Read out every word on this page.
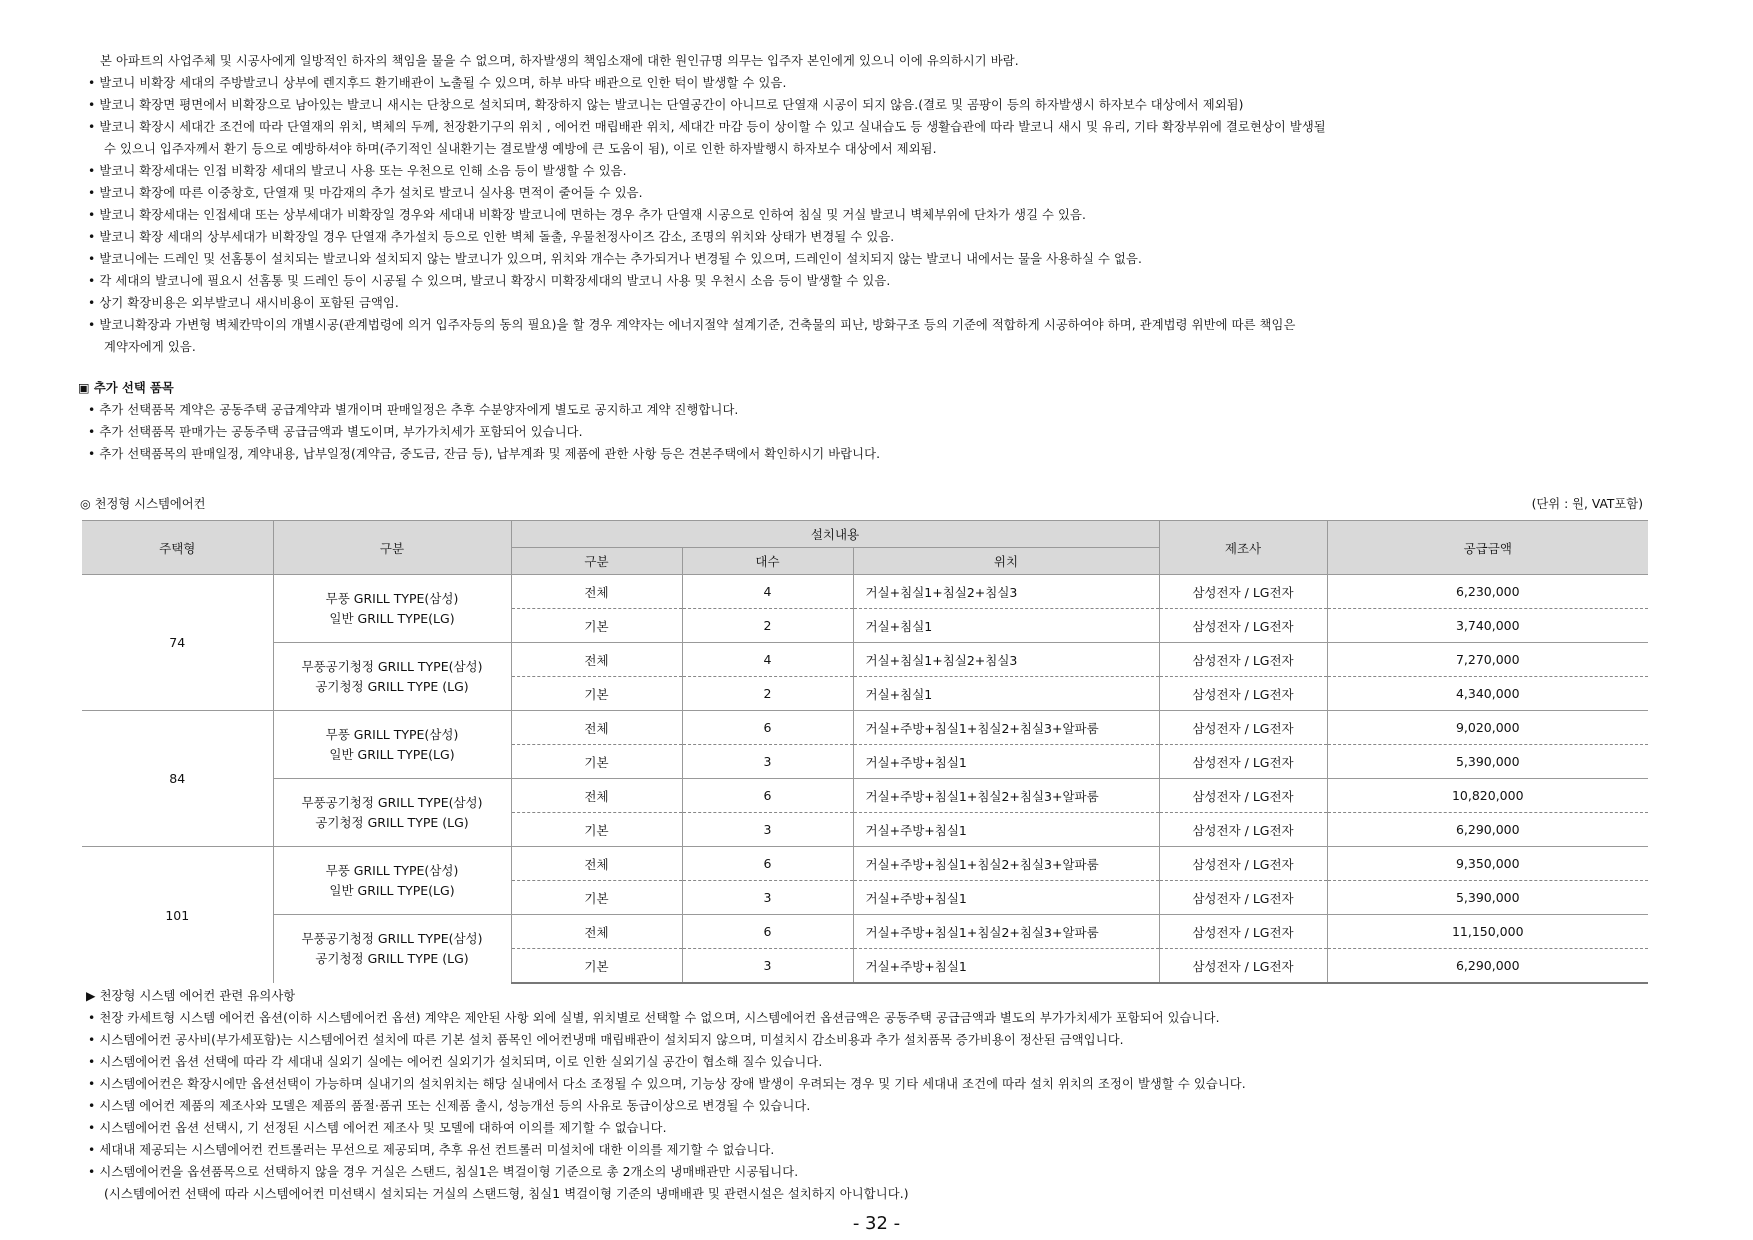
본 아파트의 사업주체 및 시공사에게 일방적인 하자의 책임을 물을 수 없으며, 하자발생의 책임소재에 대한 원인규명 의무는 입주자 본인에게 있으니 이에 유의하시기 바람.
• 발코니 비확장 세대의 주방발코니 상부에 렌지후드 환기배관이 노출될 수 있으며, 하부 바닥 배관으로 인한 턱이 발생할 수 있음.
• 발코니 확장면 평면에서 비확장으로 남아있는 발코니 새시는 단창으로 설치되며, 확장하지 않는 발코니는 단열공간이 아니므로 단열재 시공이 되지 않음.(결로 및 곰팡이 등의 하자발생시 하자보수 대상에서 제외됨)
• 발코니 확장시 세대간 조건에 따라 단열재의 위치, 벽체의 두께, 천장환기구의 위치 , 에어컨 매립배관 위치, 세대간 마감 등이 상이할 수 있고 실내습도 등 생활습관에 따라 발코니 새시 및 유리, 기타 확장부위에 결로현상이 발생될
수 있으니 입주자께서 환기 등으로 예방하셔야 하며(주기적인 실내환기는 결로발생 예방에 큰 도움이 됨), 이로 인한 하자발행시 하자보수 대상에서 제외됨.
• 발코니 확장세대는 인접 비확장 세대의 발코니 사용 또는 우천으로 인해 소음 등이 발생할 수 있음.
• 발코니 확장에 따른 이중창호, 단열재 및 마감재의 추가 설치로 발코니 실사용 면적이 줄어들 수 있음.
• 발코니 확장세대는 인접세대 또는 상부세대가 비확장일 경우와 세대내 비확장 발코니에 면하는 경우 추가 단열재 시공으로 인하여 침실 및 거실 발코니 벽체부위에 단차가 생길 수 있음.
• 발코니 확장 세대의 상부세대가 비확장일 경우 단열재 추가설치 등으로 인한 벽체 돌출, 우물천정사이즈 감소, 조명의 위치와 상태가 변경될 수 있음.
• 발코니에는 드레인 및 선홈통이 설치되는 발코니와 설치되지 않는 발코니가 있으며, 위치와 개수는 추가되거나 변경될 수 있으며, 드레인이 설치되지 않는 발코니 내에서는 물을 사용하실 수 없음.
• 각 세대의 발코니에 필요시 선홈통 및 드레인 등이 시공될 수 있으며, 발코니 확장시 미확장세대의 발코니 사용 및 우천시 소음 등이 발생할 수 있음.
• 상기 확장비용은 외부발코니 새시비용이 포함된 금액임.
• 발코니확장과 가변형 벽체칸막이의 개별시공(관계법령에 의거 입주자등의 동의 필요)을 할 경우 계약자는 에너지절약 설계기준, 건축물의 피난, 방화구조 등의 기준에 적합하게 시공하여야 하며, 관계법령 위반에 따른 책임은
계약자에게 있음.
▣ 추가 선택 품목
• 추가 선택품목 계약은 공동주택 공급계약과 별개이며 판매일정은 추후 수분양자에게 별도로 공지하고 계약 진행합니다.
• 추가 선택품목 판매가는 공동주택 공급금액과 별도이며, 부가가치세가 포함되어 있습니다.
• 추가 선택품목의 판매일정, 계약내용, 납부일정(계약금, 중도금, 잔금 등), 납부계좌 및 제품에 관한 사항 등은 견본주택에서 확인하시기 바랍니다.
◎ 천정형 시스템에어컨	(단위 : 원, VAT포함)
주택형	구분	설치내용			제조사	공급금액
		구분	대수	위치		
74	무풍 GRILL TYPE(삼성)
일반 GRILL TYPE(LG)	전체	4	거실+침실1+침실2+침실3	삼성전자 / LG전자	6,230,000
		기본	2	거실+침실1	삼성전자 / LG전자	3,740,000

	무풍공기청정 GRILL TYPE(삼성)
공기청정 GRILL TYPE (LG)	전체	4	거실+침실1+침실2+침실3	삼성전자 / LG전자	7,270,000
		기본	2	거실+침실1	삼성전자 / LG전자	4,340,000
84	무풍 GRILL TYPE(삼성)
일반 GRILL TYPE(LG)	전체	6	거실+주방+침실1+침실2+침실3+알파룸	삼성전자 / LG전자	9,020,000
		기본	3	거실+주방+침실1	삼성전자 / LG전자	5,390,000

	무풍공기청정 GRILL TYPE(삼성)
공기청정 GRILL TYPE (LG)	전체	6	거실+주방+침실1+침실2+침실3+알파룸	삼성전자 / LG전자	10,820,000
		기본	3	거실+주방+침실1	삼성전자 / LG전자	6,290,000
101	무풍 GRILL TYPE(삼성)
일반 GRILL TYPE(LG)	전체	6	거실+주방+침실1+침실2+침실3+알파룸	삼성전자 / LG전자	9,350,000
		기본	3	거실+주방+침실1	삼성전자 / LG전자	5,390,000

	무풍공기청정 GRILL TYPE(삼성)
공기청정 GRILL TYPE (LG)	전체	6	거실+주방+침실1+침실2+침실3+알파룸	삼성전자 / LG전자	11,150,000
		기본	3	거실+주방+침실1	삼성전자 / LG전자	6,290,000
▶ 천장형 시스템 에어컨 관련 유의사항
• 천장 카세트형 시스템 에어컨 옵션(이하 시스템에어컨 옵션) 계약은 제안된 사항 외에 실별, 위치별로 선택할 수 없으며, 시스템에어컨 옵션금액은 공동주택 공급금액과 별도의 부가가치세가 포함되어 있습니다.
• 시스템에어컨 공사비(부가세포함)는 시스템에어컨 설치에 따른 기본 설치 품목인 에어컨냉매 매립배관이 설치되지 않으며, 미설치시 감소비용과 추가 설치품목 증가비용이 정산된 금액입니다.
• 시스템에어컨 옵션 선택에 따라 각 세대내 실외기 실에는 에어컨 실외기가 설치되며, 이로 인한 실외기실 공간이 협소해 질수 있습니다.
• 시스템에어컨은 확장시에만 옵션선택이 가능하며 실내기의 설치위치는 해당 실내에서 다소 조정될 수 있으며, 기능상 장애 발생이 우려되는 경우 및 기타 세대내 조건에 따라 설치 위치의 조정이 발생할 수 있습니다.
• 시스템 에어컨 제품의 제조사와 모델은 제품의 품절·품귀 또는 신제품 출시, 성능개선 등의 사유로 동급이상으로 변경될 수 있습니다.
• 시스템에어컨 옵션 선택시, 기 선정된 시스템 에어컨 제조사 및 모델에 대하여 이의를 제기할 수 없습니다.
• 세대내 제공되는 시스템에어컨 컨트롤러는 무선으로 제공되며, 추후 유선 컨트롤러 미설치에 대한 이의를 제기할 수 없습니다.
• 시스템에어컨을 옵션품목으로 선택하지 않을 경우 거실은 스탠드, 침실1은 벽걸이형 기준으로 총 2개소의 냉매배관만 시공됩니다.
(시스템에어컨 선택에 따라 시스템에어컨 미선택시 설치되는 거실의 스탠드형, 침실1 벽걸이형 기준의 냉매배관 및 관련시설은 설치하지 아니합니다.)
- 32 -
